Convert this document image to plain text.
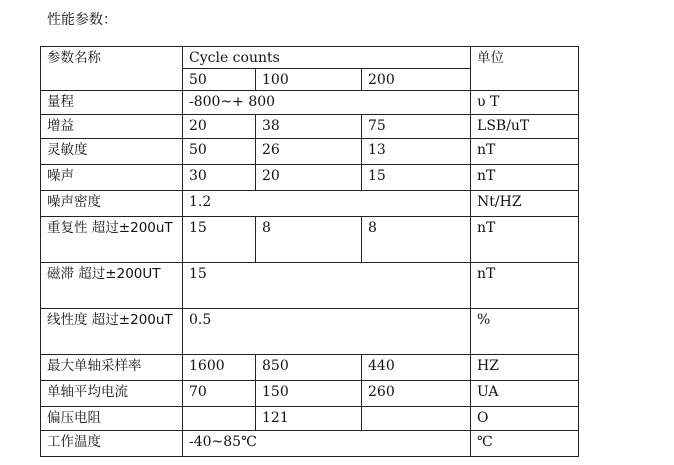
性能参数：
参数名称	Cycle counts			单位
	50	100	200	
量程	-800~+ 800			υ T
增益	20	38	75	LSB/uT
灵敏度	50	26	13	nT
噪声	30	20	15	nT
噪声密度	1.2			Nt/HZ

重复性 超过±200uT	15	8	8	nT

磁滞 超过±200UT	15			nT

线性度 超过±200uT	0.5			%
最大单轴采样率	1600	850	440	HZ
单轴平均电流	70	150	260	UA
偏压电阻		121		O
工作温度	-40~85℃			℃
